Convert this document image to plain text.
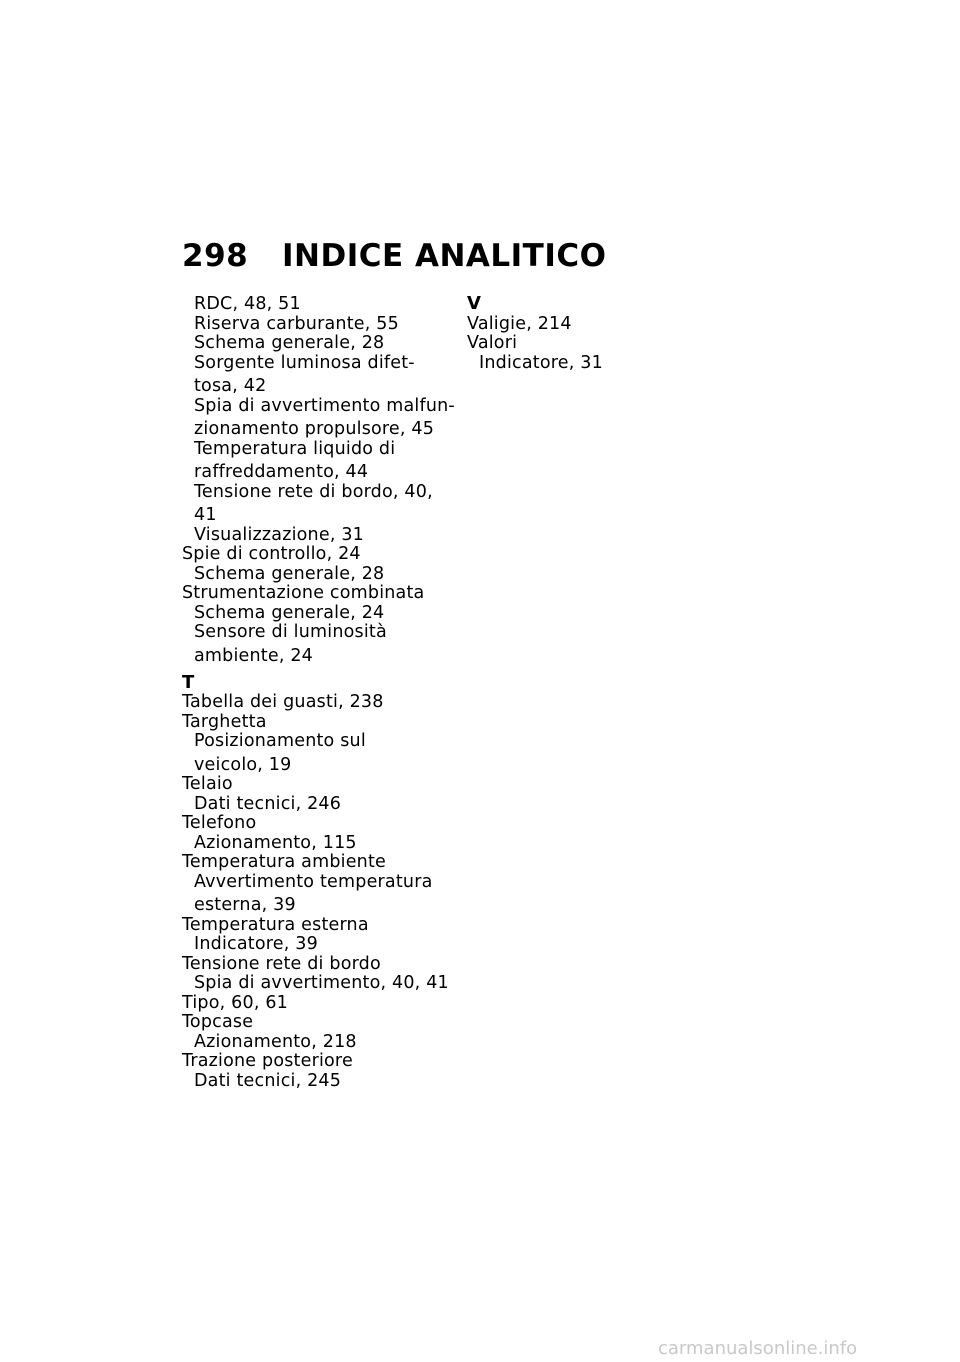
298 INDICE ANALITICO
RDC, 48, 51
Riserva carburante, 55
Schema generale, 28
Sorgente luminosa difet-
tosa, 42
Spia di avvertimento malfun-
zionamento propulsore, 45
Temperatura liquido di
raffreddamento, 44
Tensione rete di bordo, 40,
41
Visualizzazione, 31
Spie di controllo, 24
Schema generale, 28
Strumentazione combinata
Schema generale, 24
Sensore di luminosità
ambiente, 24
T
Tabella dei guasti, 238
Targhetta
Posizionamento sul
veicolo, 19
Telaio
Dati tecnici, 246
Telefono
Azionamento, 115
Temperatura ambiente
Avvertimento temperatura
esterna, 39
Temperatura esterna
Indicatore, 39
Tensione rete di bordo
Spia di avvertimento, 40, 41
Tipo, 60, 61
Topcase
Azionamento, 218
Trazione posteriore
Dati tecnici, 245
V
Valigie, 214
Valori
Indicatore, 31
carmanualsonline.info
